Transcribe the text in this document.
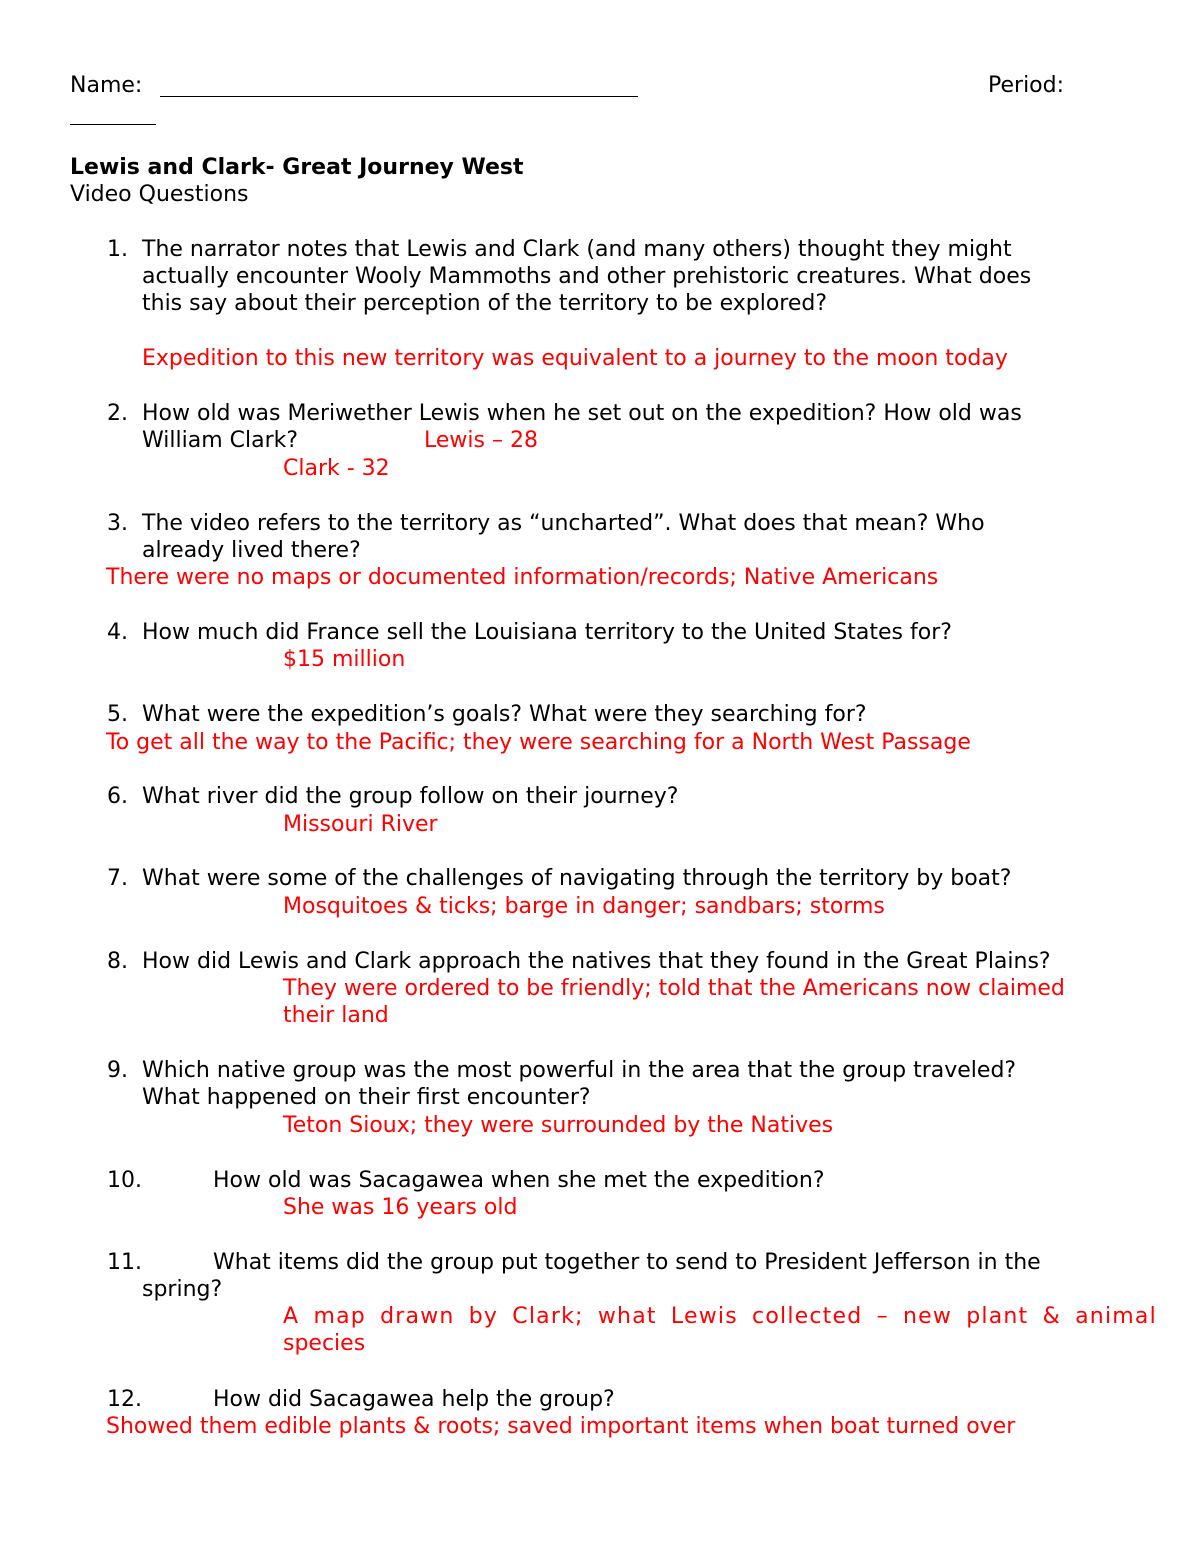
Name:	Period:
Lewis and Clark- Great Journey West
Video Questions
1. The narrator notes that Lewis and Clark (and many others) thought they might
actually encounter Wooly Mammoths and other prehistoric creatures. What does
this say about their perception of the territory to be explored?
Expedition to this new territory was equivalent to a journey to the moon today
2. How old was Meriwether Lewis when he set out on the expedition? How old was
William Clark?	Lewis – 28
Clark - 32
3. The video refers to the territory as “uncharted”. What does that mean? Who
already lived there?
There were no maps or documented information/records; Native Americans
4. How much did France sell the Louisiana territory to the United States for?
$15 million
5. What were the expedition’s goals? What were they searching for?
To get all the way to the Pacific; they were searching for a North West Passage
6. What river did the group follow on their journey?
Missouri River
7. What were some of the challenges of navigating through the territory by boat?
Mosquitoes & ticks; barge in danger; sandbars; storms
8. How did Lewis and Clark approach the natives that they found in the Great Plains?
They were ordered to be friendly; told that the Americans now claimed
their land
9. Which native group was the most powerful in the area that the group traveled?
What happened on their first encounter?
Teton Sioux; they were surrounded by the Natives
10.	How old was Sacagawea when she met the expedition?
She was 16 years old
11.	What items did the group put together to send to President Jefferson in the
spring?
A map drawn by Clark; what Lewis collected – new plant & animal
species
12.	How did Sacagawea help the group?
Showed them edible plants & roots; saved important items when boat turned over
